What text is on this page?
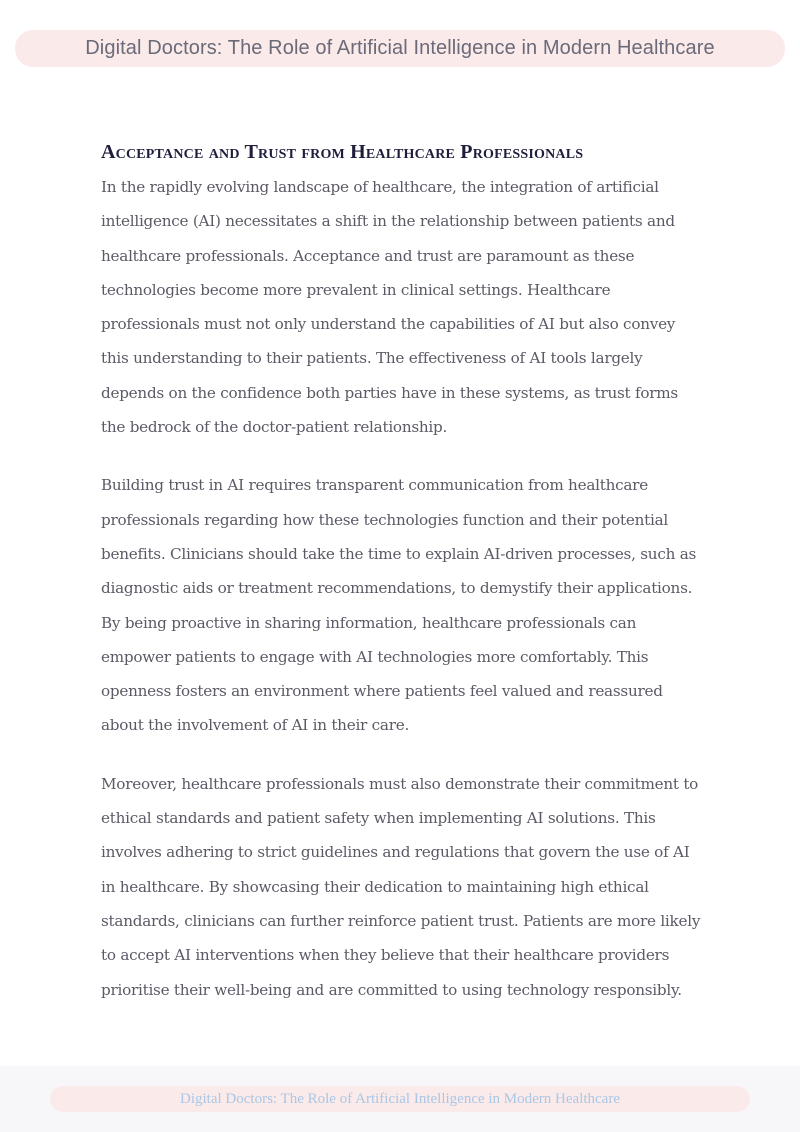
Digital Doctors: The Role of Artificial Intelligence in Modern Healthcare
Acceptance and Trust from Healthcare Professionals

In the rapidly evolving landscape of healthcare, the integration of artificial intelligence (AI) necessitates a shift in the relationship between patients and healthcare professionals. Acceptance and trust are paramount as these technologies become more prevalent in clinical settings. Healthcare professionals must not only understand the capabilities of AI but also convey this understanding to their patients. The effectiveness of AI tools largely depends on the confidence both parties have in these systems, as trust forms the bedrock of the doctor-patient relationship.

Building trust in AI requires transparent communication from healthcare professionals regarding how these technologies function and their potential benefits. Clinicians should take the time to explain AI-driven processes, such as diagnostic aids or treatment recommendations, to demystify their applications. By being proactive in sharing information, healthcare professionals can empower patients to engage with AI technologies more comfortably. This openness fosters an environment where patients feel valued and reassured about the involvement of AI in their care.

Moreover, healthcare professionals must also demonstrate their commitment to ethical standards and patient safety when implementing AI solutions. This involves adhering to strict guidelines and regulations that govern the use of AI in healthcare. By showcasing their dedication to maintaining high ethical standards, clinicians can further reinforce patient trust. Patients are more likely to accept AI interventions when they believe that their healthcare providers prioritise their well-being and are committed to using technology responsibly.

Digital Doctors: The Role of Artificial Intelligence in Modern Healthcare
